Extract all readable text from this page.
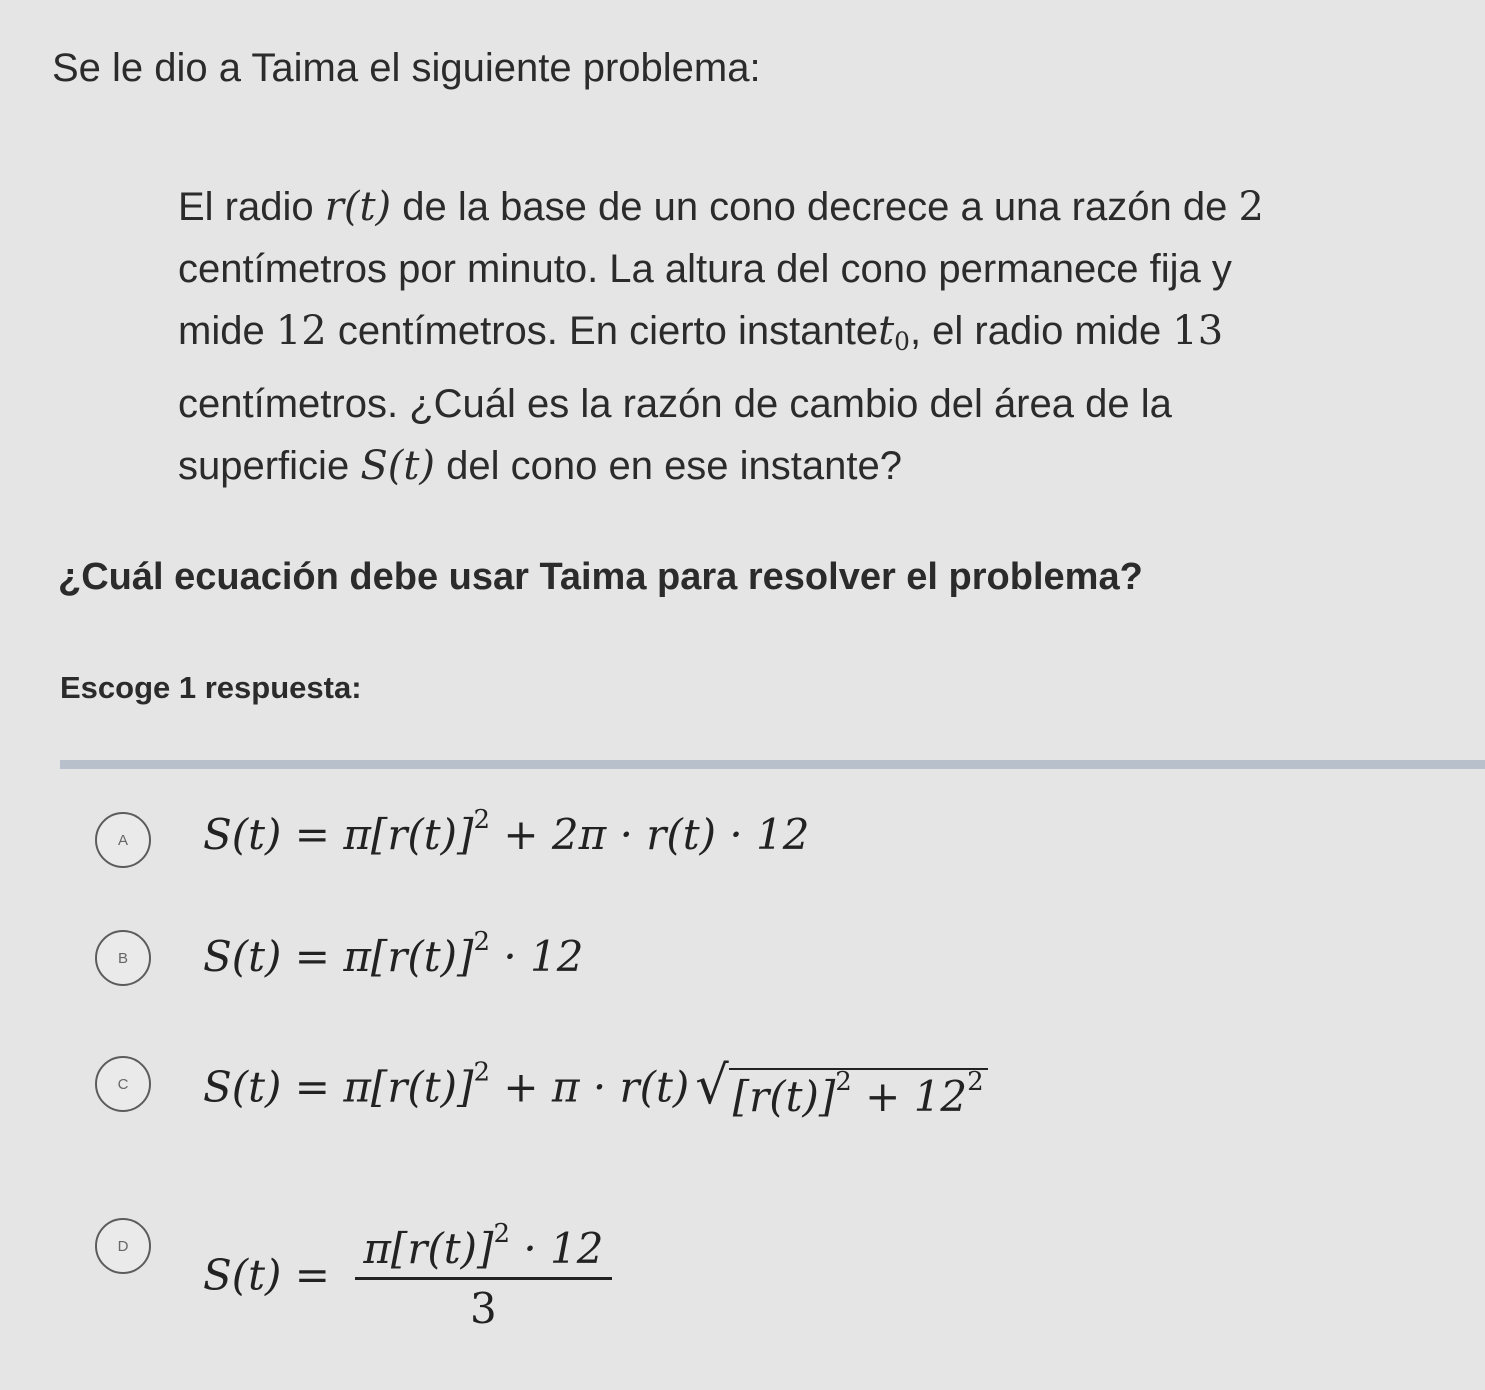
Se le dio a Taima el siguiente problema:

El radio r(t) de la base de un cono decrece a una razón de 2

centímetros por minuto. La altura del cono permanece fija y

mide 12 centímetros. En cierto instantet$_0$, el radio mide 13

centímetros. ¿Cuál es la razón de cambio del área de la

superficie S(t) del cono en ese instante?

¿Cuál ecuación debe usar Taima para resolver el problema?

Escoge 1 respuesta:
A	$S(t) = \pi[r(t)]^2 + 2\pi \cdot r(t) \cdot 12$
B	$S(t) = \pi[r(t)]^2 \cdot 12$
C	$S(t) = \pi[r(t)]^2 + \pi \cdot r(t) √[r(t)]^2 + 12^2$
D
$S(t) = \frac{\pi[r(t)]^2 \cdot 12}{3}$
